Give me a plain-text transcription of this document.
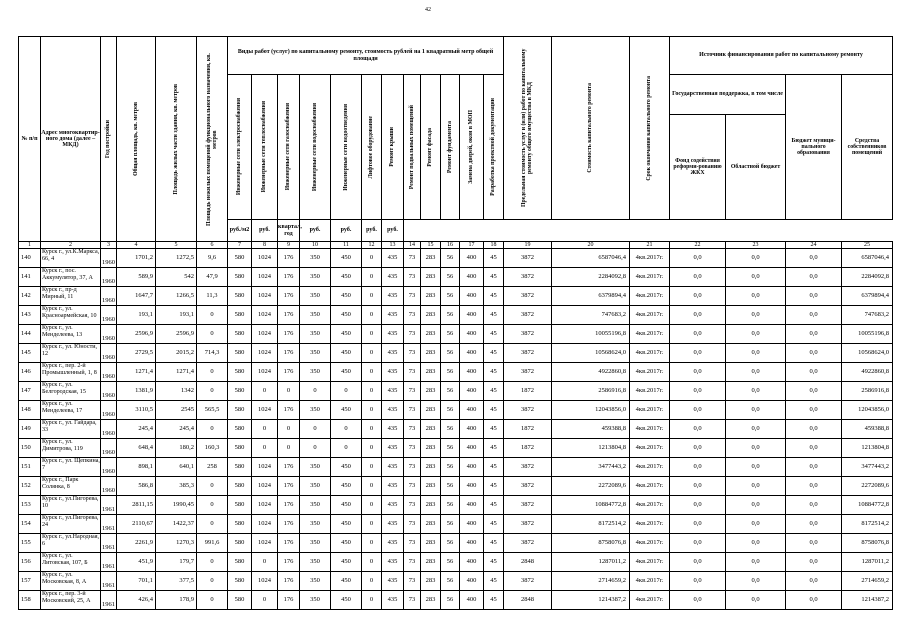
42
№ п/п	Адрес многоквартир-ного дома (далее – МКД)	Год постройки	Общая площадь, кв. метров	Площадь жилых части здания, кв. метров	Площадь нежилых помещений функционального назначения, кв. метров	Виды работ (услуг) по капитальному ремонту, стоимость рублей на 1 квадратный метр общей площади												Предельная стоимость услуг и (или) работ по капитальному ремонту общего имущества в МКД	Стоимость капитального ремонта	Срок окончания капитального ремонта	Источник финансирования работ по капитальному ремонту			

						Инженерные сети электроснабжения	Инженерные сети теплоснабжения	Инженерные сети газоснабжения	Инженерные сети водоснабжения	Инженерные сети водоотведения	Лифтовое оборудование	Ремонт крыши	Ремонт подвальных помещений	Ремонт фасада	Ремонт фундамента	Замена дверей, окон в МОП	Разработка проектной документации				Государственная поддержка, в том числе		Бюджет муници-пального образования	Средства собственников помещений
																					Фонд содействия реформи-рованию ЖКХ	Областной бюджет		
						руб./м2	руб.	квартал, год	руб.	руб.	руб.	руб.												
1	2	3	4	5	6	7	8	9	10	11	12	13	14	15	16	17	18	19	20	21	22	23	24	25
140	Курск г., ул.К.Маркса, 66, 4	1960	1701,2	1272,5	9,6	580	1024	176	350	450	0	435	73	283	56	400	45	3872	6587046,4	4кв.2017г.	0,0	0,0	0,0	6587046,4
141	Курск г., пос. Аккумулятор, 37, А	1960	589,9	542	47,9	580	1024	176	350	450	0	435	73	283	56	400	45	3872	2284092,8	4кв.2017г.	0,0	0,0	0,0	2284092,8
142	Курск г., пр-д Мирный, 11	1960	1647,7	1266,5	11,3	580	1024	176	350	450	0	435	73	283	56	400	45	3872	6379894,4	4кв.2017г.	0,0	0,0	0,0	6379894,4
143	Курск г., ул. Красноармейская, 10	1960	193,1	193,1	0	580	1024	176	350	450	0	435	73	283	56	400	45	3872	747683,2	4кв.2017г.	0,0	0,0	0,0	747683,2
144	Курск г., ул. Менделеева, 13	1960	2596,9	2596,9	0	580	1024	176	350	450	0	435	73	283	56	400	45	3872	10055196,8	4кв.2017г.	0,0	0,0	0,0	10055196,8
145	Курск г., ул. Юности, 12	1960	2729,5	2015,2	714,3	580	1024	176	350	450	0	435	73	283	56	400	45	3872	10568624,0	4кв.2017г.	0,0	0,0	0,0	10568624,0
146	Курск г., пер. 2-й Промышленный, 1, 8	1960	1271,4	1271,4	0	580	1024	176	350	450	0	435	73	283	56	400	45	3872	4922860,8	4кв.2017г.	0,0	0,0	0,0	4922860,8
147	Курск г., ул. Белгородская, 15	1960	1381,9	1342	0	580	0	0	0	0	0	435	73	283	56	400	45	1872	2586916,8	4кв.2017г.	0,0	0,0	0,0	2586916,8
148	Курск г., ул. Менделеева, 17	1960	3110,5	2545	565,5	580	1024	176	350	450	0	435	73	283	56	400	45	3872	12043856,0	4кв.2017г.	0,0	0,0	0,0	12043856,0
149	Курск г., ул. Гайдара, 33	1960	245,4	245,4	0	580	0	0	0	0	0	435	73	283	56	400	45	1872	459388,8	4кв.2017г.	0,0	0,0	0,0	459388,8
150	Курск г., ул. Димитрова, 119	1960	648,4	180,2	160,3	580	0	0	0	0	0	435	73	283	56	400	45	1872	1213804,8	4кв.2017г.	0,0	0,0	0,0	1213804,8
151	Курск г., ул. Щепкина, 7	1960	898,1	640,1	258	580	1024	176	350	450	0	435	73	283	56	400	45	3872	3477443,2	4кв.2017г.	0,0	0,0	0,0	3477443,2
152	Курск г., Парк Солянка, 8	1960	586,8	385,3	0	580	1024	176	350	450	0	435	73	283	56	400	45	3872	2272089,6	4кв.2017г.	0,0	0,0	0,0	2272089,6
153	Курск г., ул.Пигорева, 10	1961	2811,15	1990,45	0	580	1024	176	350	450	0	435	73	283	56	400	45	3872	10884772,8	4кв.2017г.	0,0	0,0	0,0	10884772,8
154	Курск г., ул.Пигорева, 24	1961	2110,67	1422,37	0	580	1024	176	350	450	0	435	73	283	56	400	45	3872	8172514,2	4кв.2017г.	0,0	0,0	0,0	8172514,2
155	Курск г., ул.Народная, 6	1961	2261,9	1270,3	991,6	580	1024	176	350	450	0	435	73	283	56	400	45	3872	8758076,8	4кв.2017г.	0,0	0,0	0,0	8758076,8
156	Курск г., ул. Литовская, 107, Б	1961	451,9	179,7	0	580	0	176	350	450	0	435	73	283	56	400	45	2848	1287011,2	4кв.2017г.	0,0	0,0	0,0	1287011,2
157	Курск г., ул. Московская, 8, А	1961	701,1	377,5	0	580	1024	176	350	450	0	435	73	283	56	400	45	3872	2714659,2	4кв.2017г.	0,0	0,0	0,0	2714659,2
158	Курск г., пер. 3-й Московский, 25, А	1961	426,4	178,9	0	580	0	176	350	450	0	435	73	283	56	400	45	2848	1214387,2	4кв.2017г.	0,0	0,0	0,0	1214387,2
